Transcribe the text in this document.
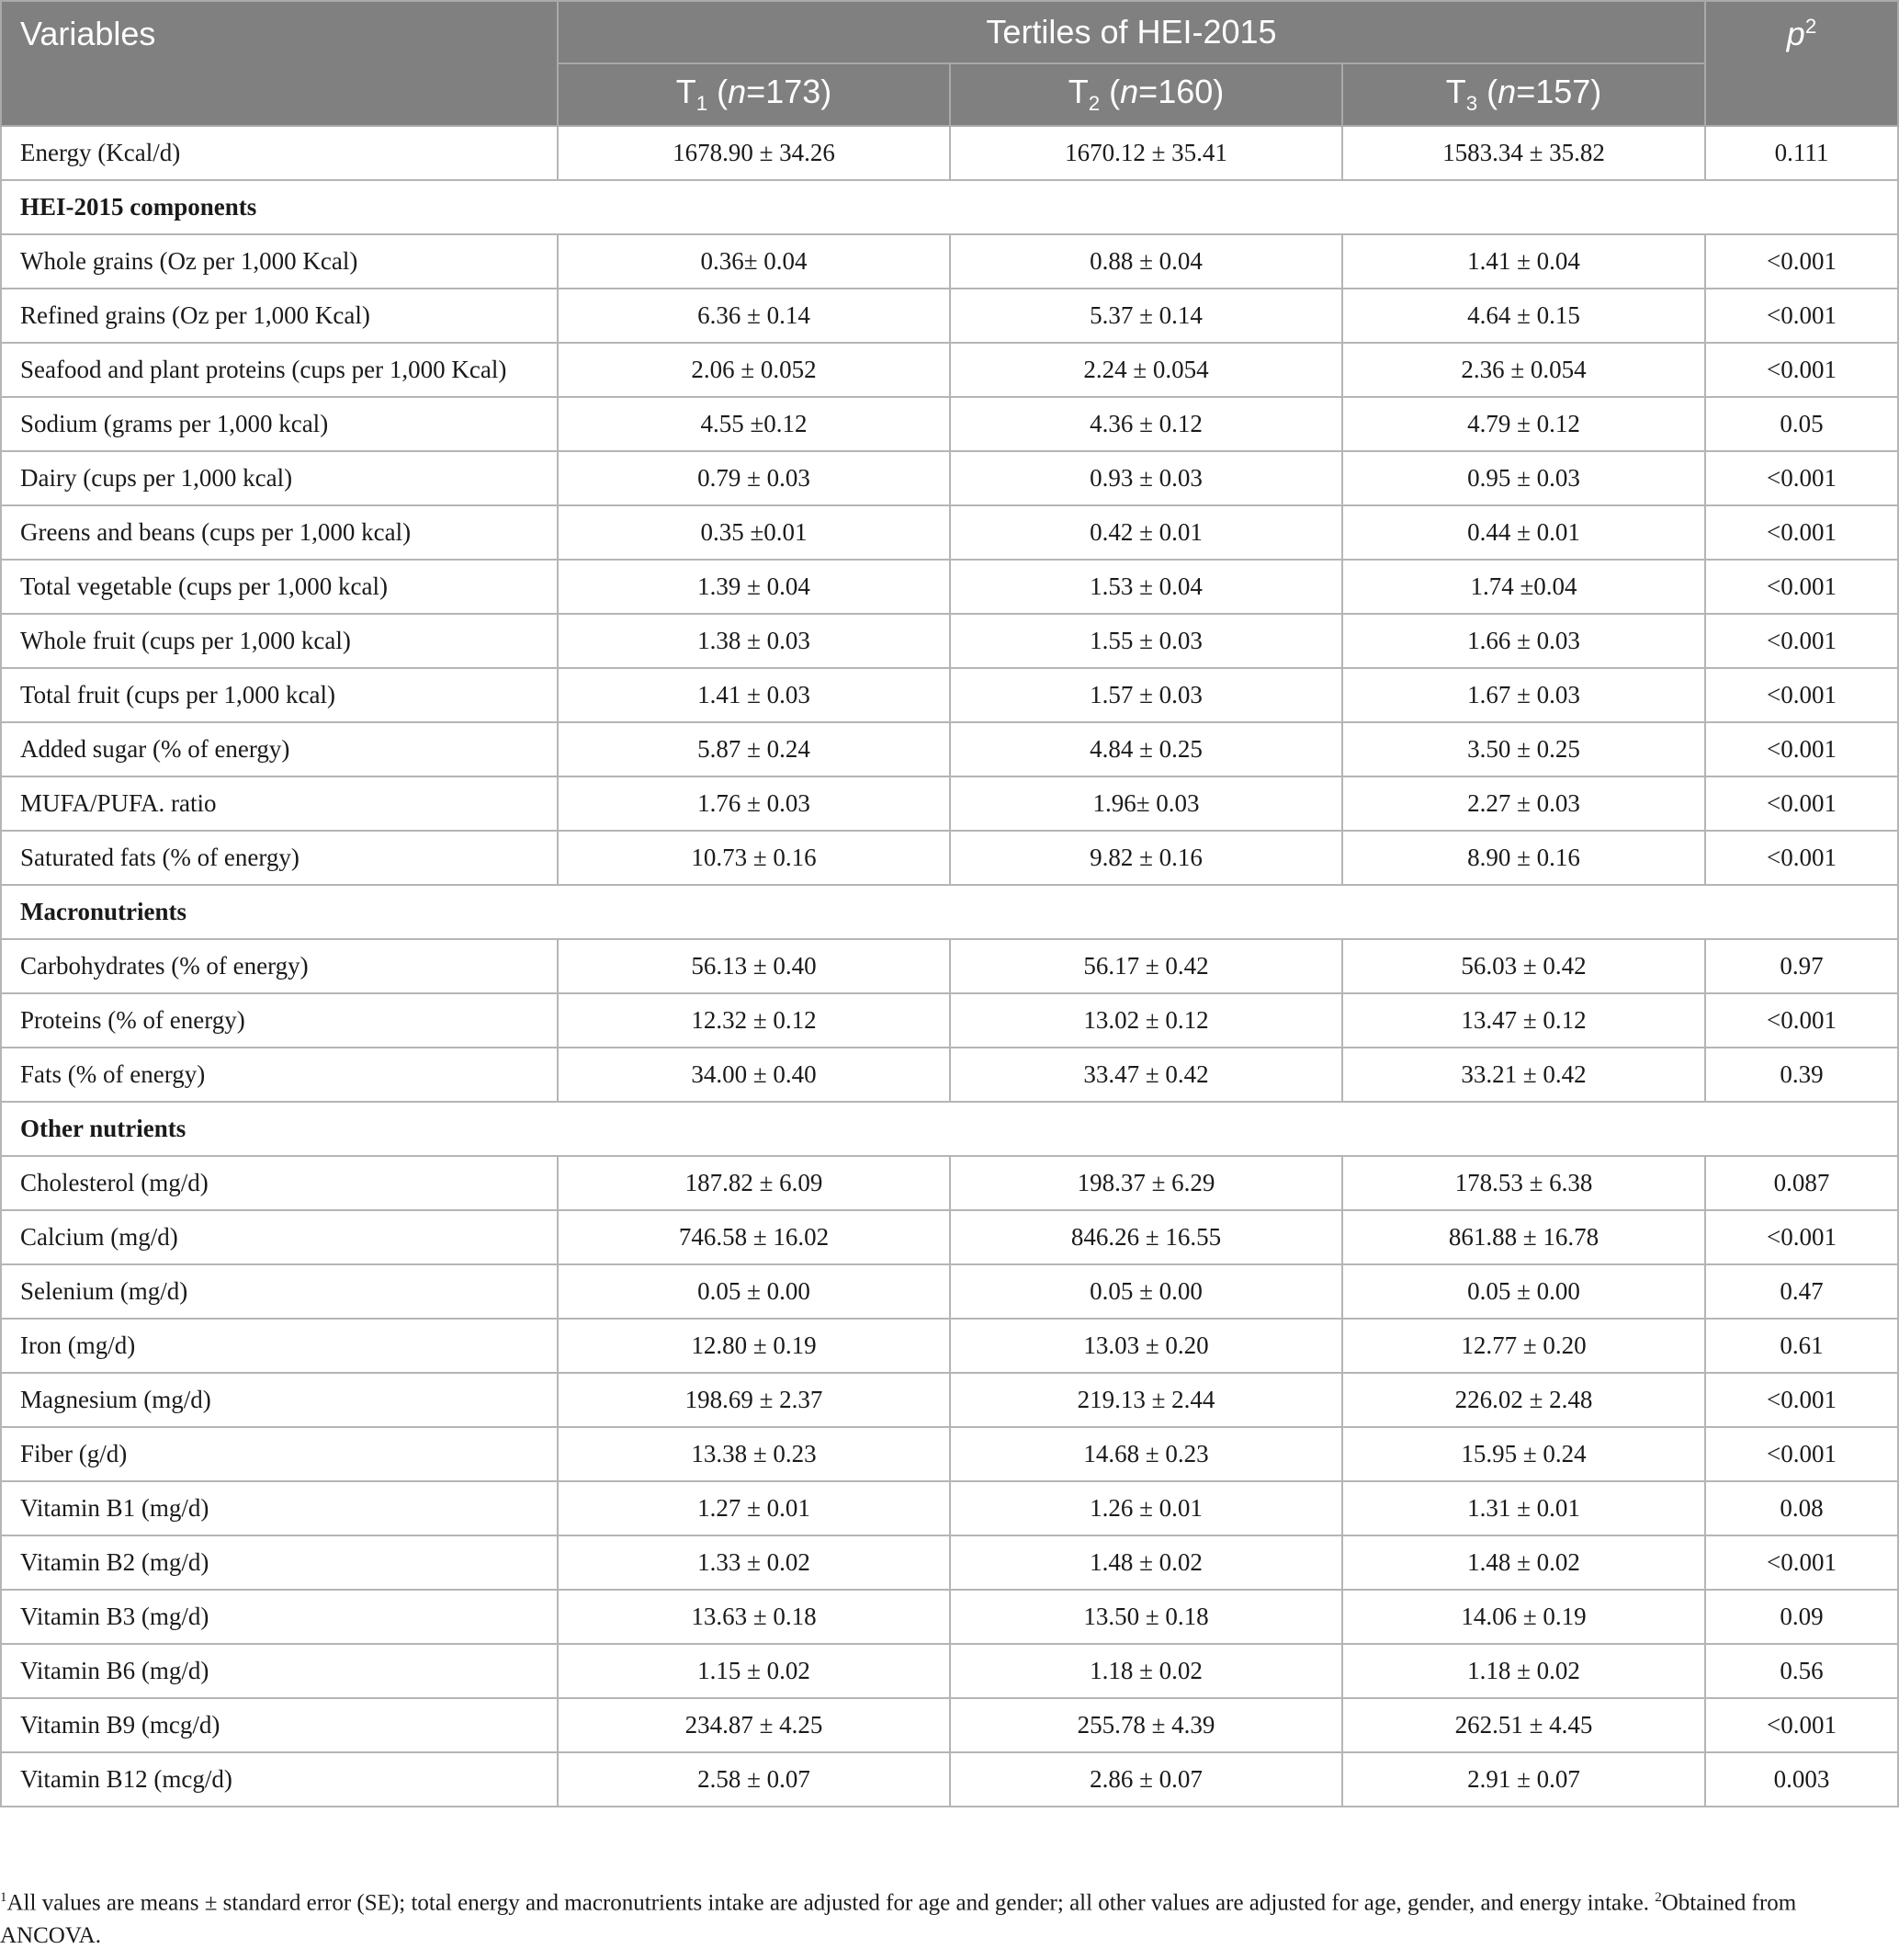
Variables	Tertiles of HEI-2015			$p^2$
	$T_1$ (n=173)	$T_2$ (n=160)	$T_3$ (n=157)	
Energy (Kcal/d)	1678.90 ± 34.26	1670.12 ± 35.41	1583.34 ± 35.82	0.111
HEI-2015 components				
Whole grains (Oz per 1,000 Kcal)	0.36± 0.04	0.88 ± 0.04	1.41 ± 0.04	<0.001
Refined grains (Oz per 1,000 Kcal)	6.36 ± 0.14	5.37 ± 0.14	4.64 ± 0.15	<0.001
Seafood and plant proteins (cups per 1,000 Kcal)	2.06 ± 0.052	2.24 ± 0.054	2.36 ± 0.054	<0.001
Sodium (grams per 1,000 kcal)	4.55 ±0.12	4.36 ± 0.12	4.79 ± 0.12	0.05
Dairy (cups per 1,000 kcal)	0.79 ± 0.03	0.93 ± 0.03	0.95 ± 0.03	<0.001
Greens and beans (cups per 1,000 kcal)	0.35 ±0.01	0.42 ± 0.01	0.44 ± 0.01	<0.001
Total vegetable (cups per 1,000 kcal)	1.39 ± 0.04	1.53 ± 0.04	1.74 ±0.04	<0.001
Whole fruit (cups per 1,000 kcal)	1.38 ± 0.03	1.55 ± 0.03	1.66 ± 0.03	<0.001
Total fruit (cups per 1,000 kcal)	1.41 ± 0.03	1.57 ± 0.03	1.67 ± 0.03	<0.001
Added sugar (% of energy)	5.87 ± 0.24	4.84 ± 0.25	3.50 ± 0.25	<0.001
MUFA/PUFA. ratio	1.76 ± 0.03	1.96± 0.03	2.27 ± 0.03	<0.001
Saturated fats (% of energy)	10.73 ± 0.16	9.82 ± 0.16	8.90 ± 0.16	<0.001
Macronutrients				
Carbohydrates (% of energy)	56.13 ± 0.40	56.17 ± 0.42	56.03 ± 0.42	0.97
Proteins (% of energy)	12.32 ± 0.12	13.02 ± 0.12	13.47 ± 0.12	<0.001
Fats (% of energy)	34.00 ± 0.40	33.47 ± 0.42	33.21 ± 0.42	0.39
Other nutrients				
Cholesterol (mg/d)	187.82 ± 6.09	198.37 ± 6.29	178.53 ± 6.38	0.087
Calcium (mg/d)	746.58 ± 16.02	846.26 ± 16.55	861.88 ± 16.78	<0.001
Selenium (mg/d)	0.05 ± 0.00	0.05 ± 0.00	0.05 ± 0.00	0.47
Iron (mg/d)	12.80 ± 0.19	13.03 ± 0.20	12.77 ± 0.20	0.61
Magnesium (mg/d)	198.69 ± 2.37	219.13 ± 2.44	226.02 ± 2.48	<0.001
Fiber (g/d)	13.38 ± 0.23	14.68 ± 0.23	15.95 ± 0.24	<0.001
Vitamin B1 (mg/d)	1.27 ± 0.01	1.26 ± 0.01	1.31 ± 0.01	0.08
Vitamin B2 (mg/d)	1.33 ± 0.02	1.48 ± 0.02	1.48 ± 0.02	<0.001
Vitamin B3 (mg/d)	13.63 ± 0.18	13.50 ± 0.18	14.06 ± 0.19	0.09
Vitamin B6 (mg/d)	1.15 ± 0.02	1.18 ± 0.02	1.18 ± 0.02	0.56
Vitamin B9 (mcg/d)	234.87 ± 4.25	255.78 ± 4.39	262.51 ± 4.45	<0.001
Vitamin B12 (mcg/d)	2.58 ± 0.07	2.86 ± 0.07	2.91 ± 0.07	0.003
$^1$All values are means ± standard error (SE); total energy and macronutrients intake are adjusted for age and gender; all other values are adjusted for age, gender, and energy intake. $^2$Obtained from ANCOVA.
